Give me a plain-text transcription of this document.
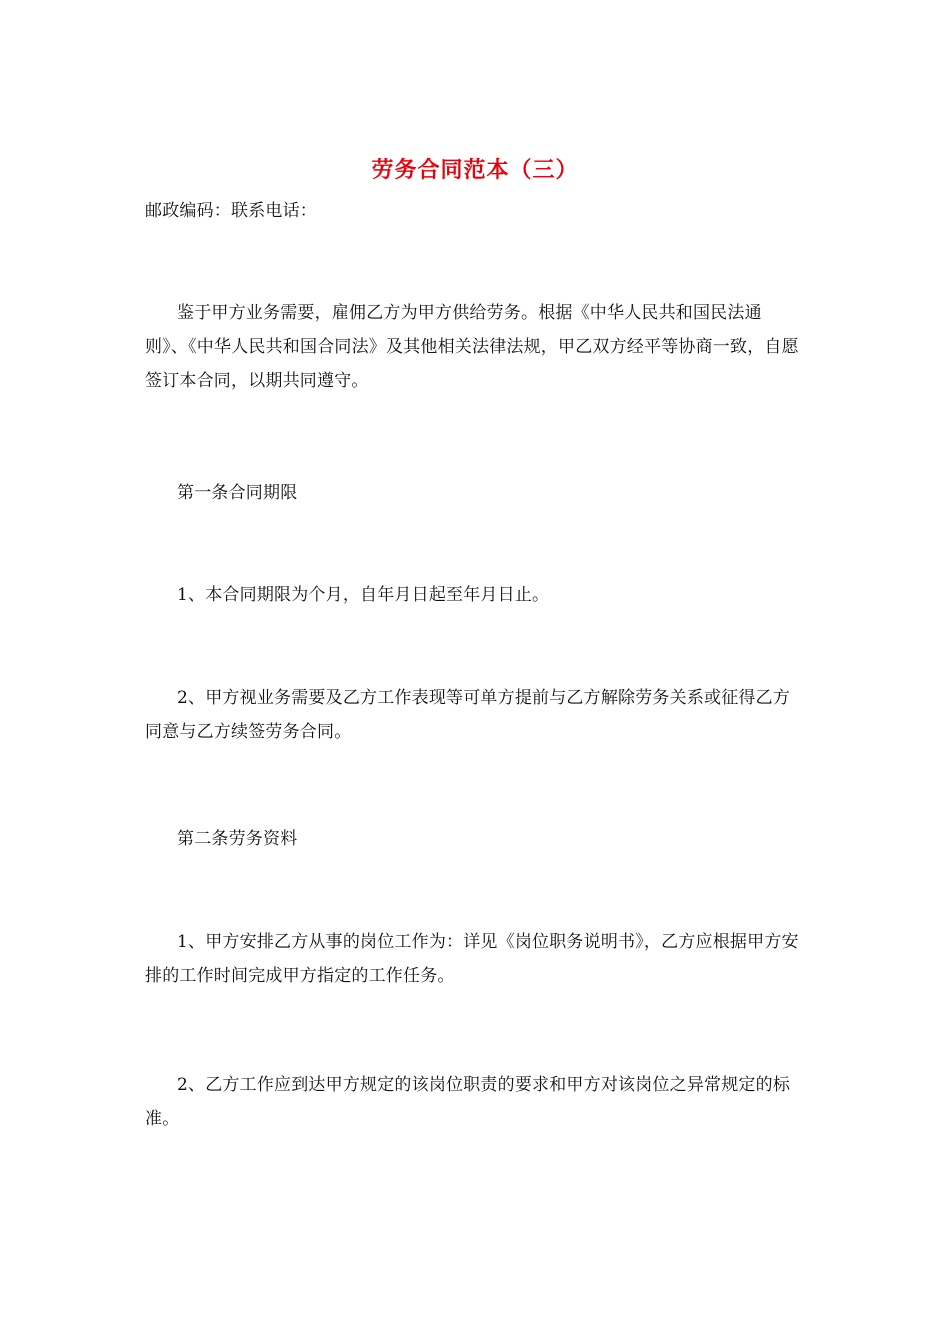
劳务合同范本（三）

邮政编码：联系电话：

鉴于甲方业务需要，雇佣乙方为甲方供给劳务。根据《中华人民共和国民法通则》、《中华人民共和国合同法》及其他相关法律法规，甲乙双方经平等协商一致，自愿签订本合同，以期共同遵守。

第一条合同期限

1、本合同期限为个月，自年月日起至年月日止。

2、甲方视业务需要及乙方工作表现等可单方提前与乙方解除劳务关系或征得乙方同意与乙方续签劳务合同。

第二条劳务资料

1、甲方安排乙方从事的岗位工作为：详见《岗位职务说明书》，乙方应根据甲方安排的工作时间完成甲方指定的工作任务。

2、乙方工作应到达甲方规定的该岗位职责的要求和甲方对该岗位之异常规定的标准。
